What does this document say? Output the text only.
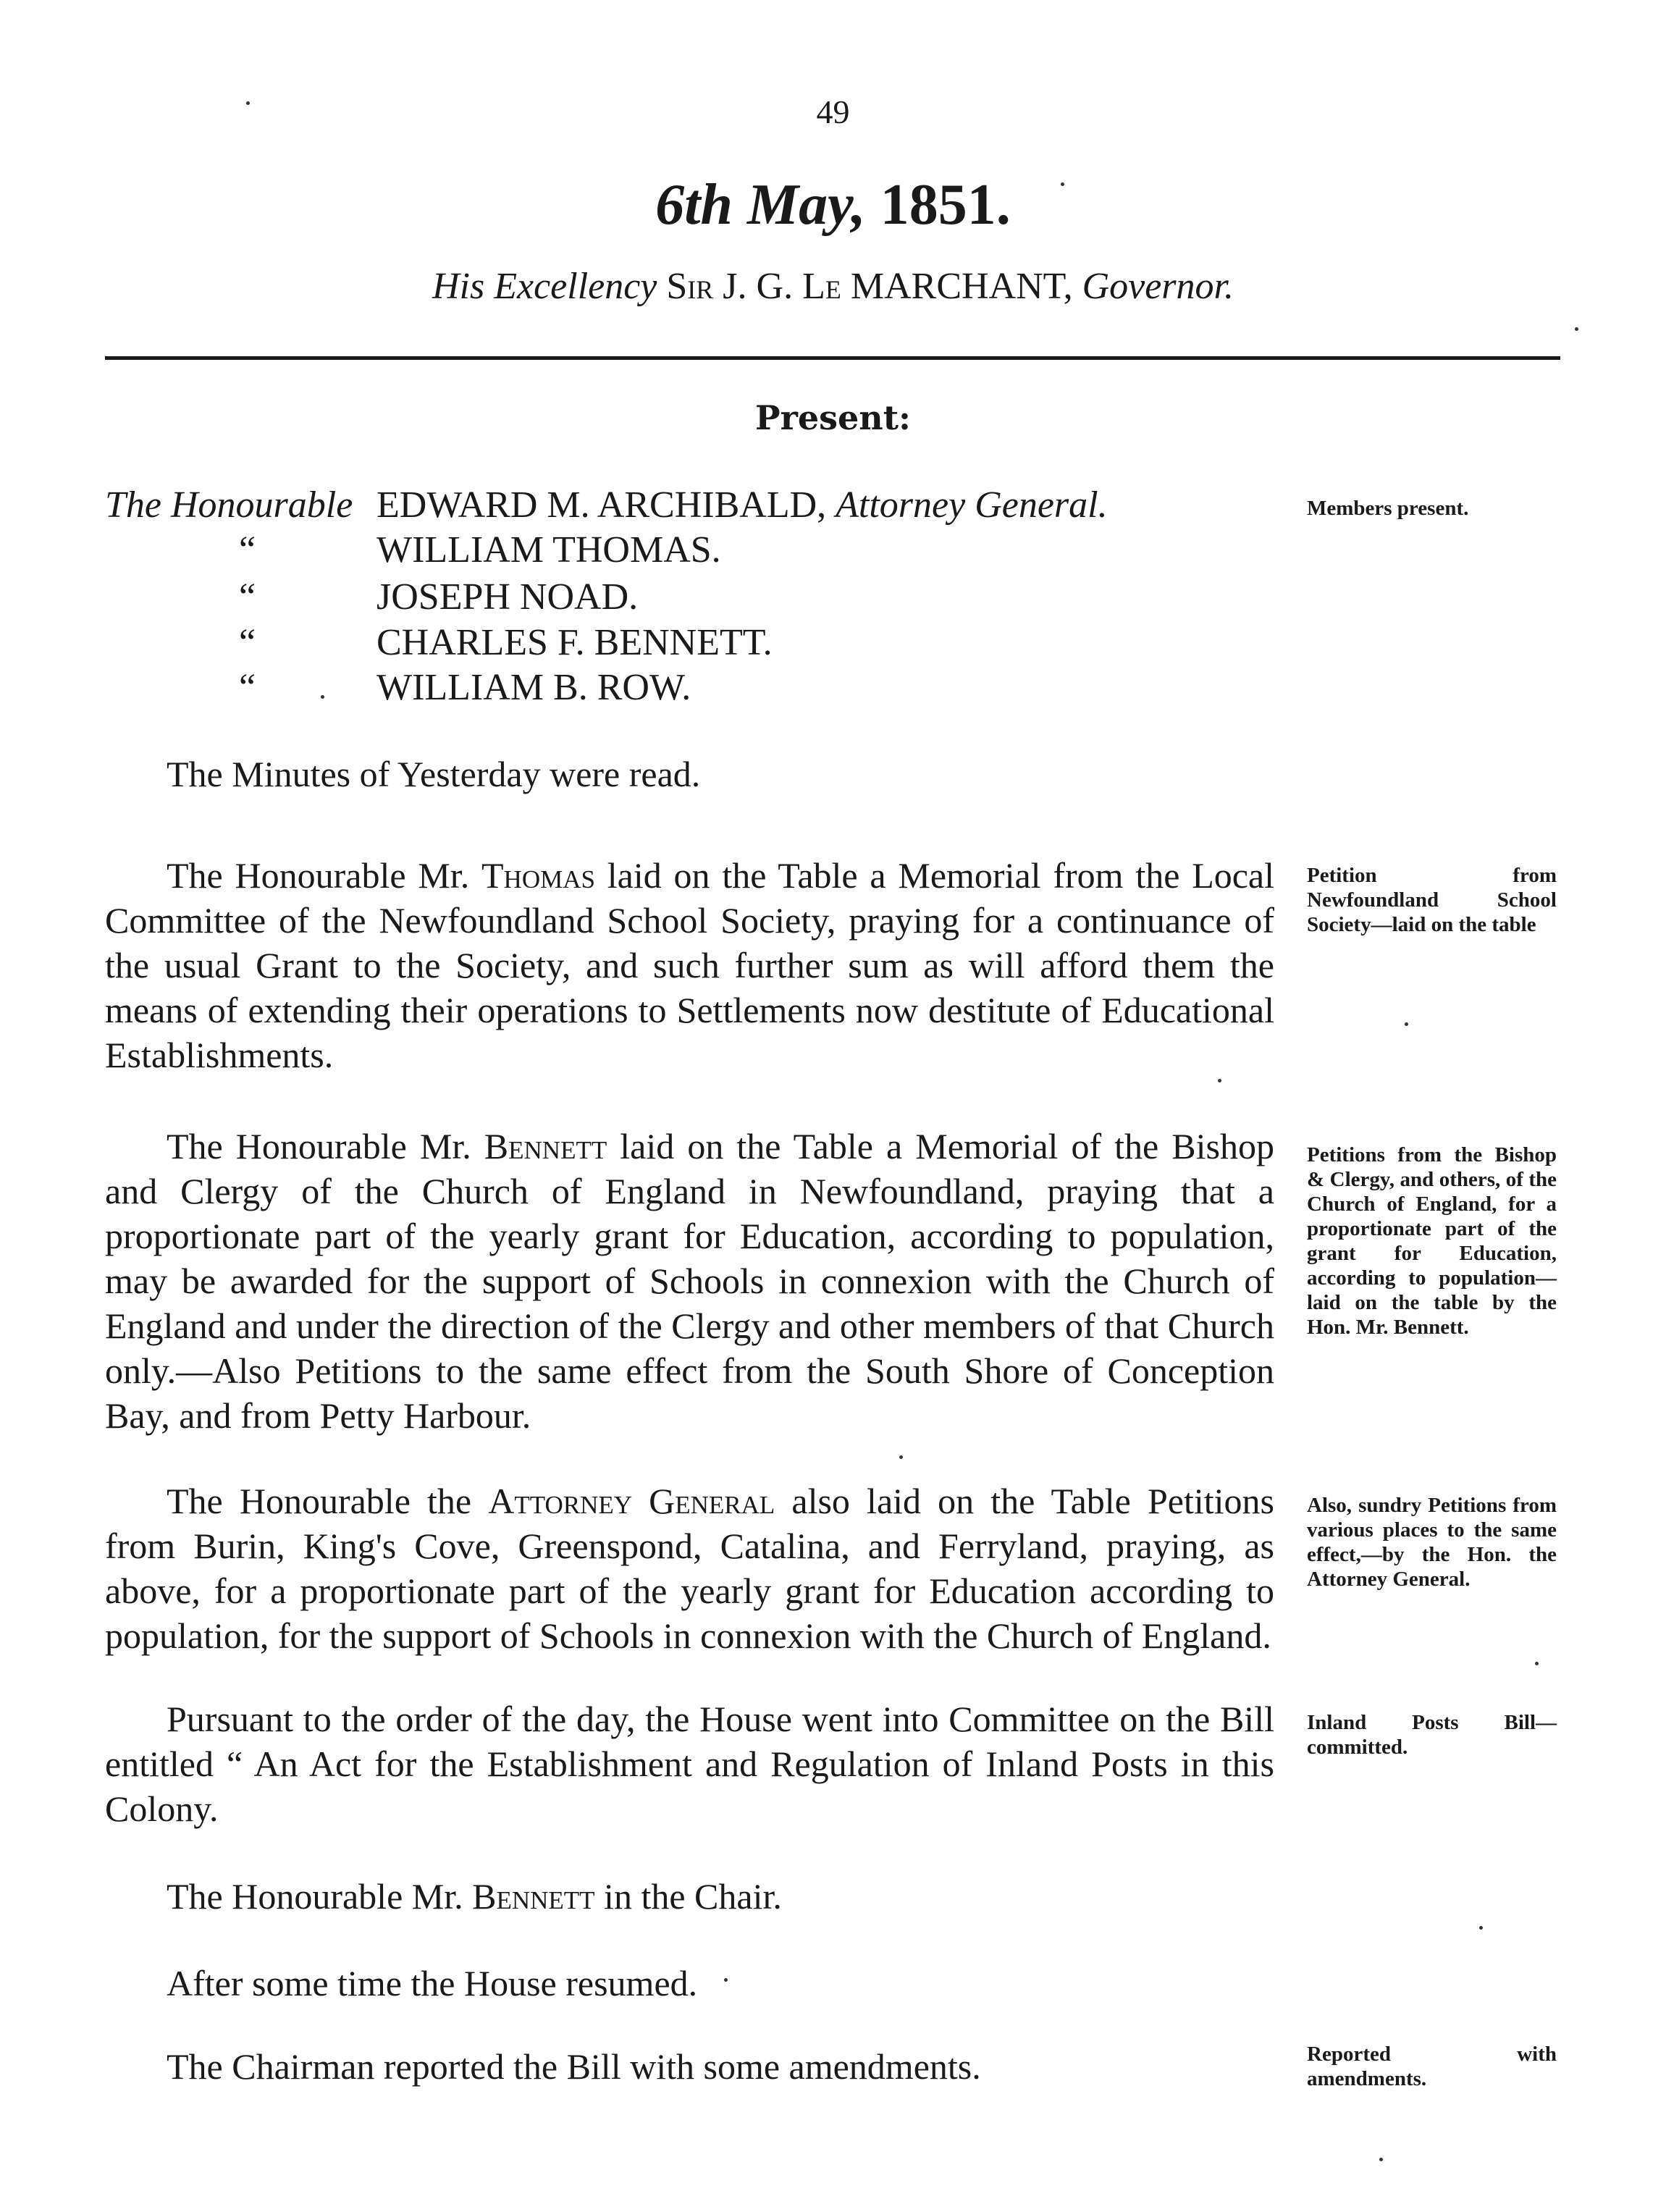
49
6th May, 1851.
His Excellency Sir J. G. Le MARCHANT, Governor.
Present:
The Honourable EDWARD M. ARCHIBALD, Attorney General.
“	WILLIAM THOMAS.
“	JOSEPH NOAD.
“	CHARLES F. BENNETT.
“	WILLIAM B. ROW.
Members present.
The Minutes of Yesterday were read.
The Honourable Mr. Thomas laid on the Table a Memorial from the Local Committee of the Newfoundland School Society, praying for a continuance of the usual Grant to the Society, and such further sum as will afford them the means of extending their operations to Settlements now destitute of Educational Establishments.
Petition from Newfoundland School Society—laid on the table
The Honourable Mr. Bennett laid on the Table a Memorial of the Bishop and Clergy of the Church of England in Newfoundland, praying that a proportionate part of the yearly grant for Education, according to population, may be awarded for the support of Schools in connexion with the Church of England and under the direction of the Clergy and other members of that Church only.—Also Petitions to the same effect from the South Shore of Conception Bay, and from Petty Harbour.
Petitions from the Bishop & Clergy, and others, of the Church of England, for a proportionate part of the grant for Education, according to population—laid on the table by the Hon. Mr. Bennett.
The Honourable the Attorney General also laid on the Table Petitions from Burin, King's Cove, Greenspond, Catalina, and Ferryland, praying, as above, for a proportionate part of the yearly grant for Education according to population, for the support of Schools in connexion with the Church of England.
Also, sundry Petitions from various places to the same effect,—by the Hon. the Attorney General.
Pursuant to the order of the day, the House went into Committee on the Bill entitled “ An Act for the Establishment and Regulation of Inland Posts in this Colony.
Inland Posts Bill—committed.
The Honourable Mr. Bennett in the Chair.
After some time the House resumed.
The Chairman reported the Bill with some amendments.	Reported with amendments.
